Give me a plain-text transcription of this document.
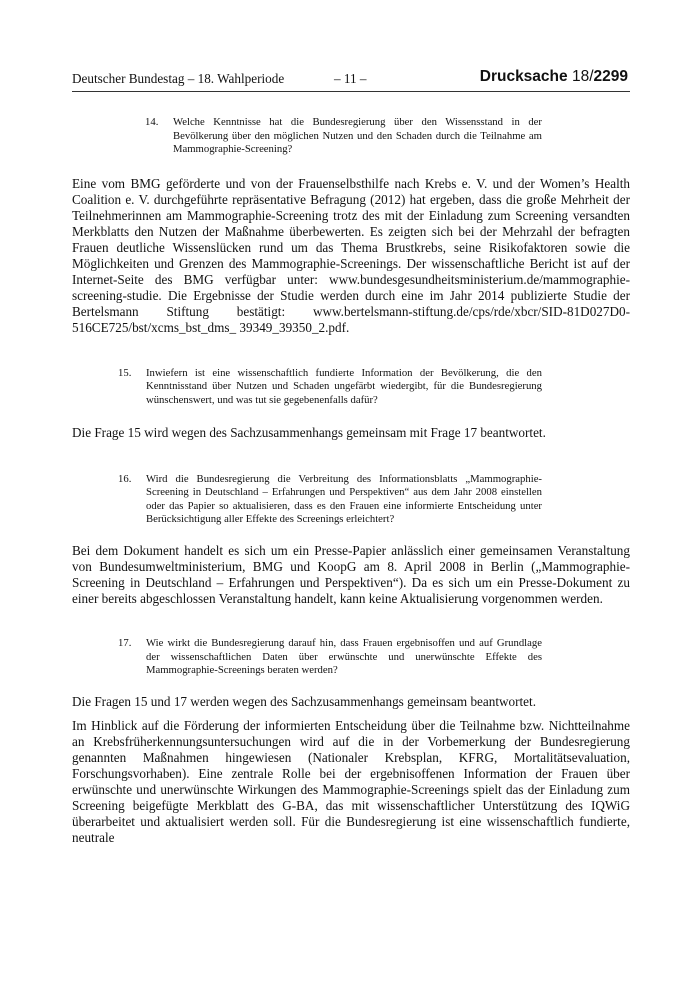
Deutscher Bundestag – 18. Wahlperiode	– 11 –	Drucksache 18/2299
14. Welche Kenntnisse hat die Bundesregierung über den Wissensstand in der Bevölkerung über den möglichen Nutzen und den Schaden durch die Teilnahme am Mammographie-Screening?

Eine vom BMG geförderte und von der Frauenselbsthilfe nach Krebs e. V. und der Women’s Health Coalition e. V. durchgeführte repräsentative Befragung (2012) hat ergeben, dass die große Mehrheit der Teilnehmerinnen am Mammographie-Screening trotz des mit der Einladung zum Screening versandten Merkblatts den Nutzen der Maßnahme überbewerten. Es zeigten sich bei der Mehrzahl der befragten Frauen deutliche Wissenslücken rund um das Thema Brustkrebs, seine Risikofaktoren sowie die Möglichkeiten und Grenzen des Mammographie-Screenings. Der wissenschaftliche Bericht ist auf der Internet-Seite des BMG verfügbar unter: www.bundesgesundheitsministerium.de/mammographie-screening-studie. Die Ergebnisse der Studie werden durch eine im Jahr 2014 publizierte Studie der Bertelsmann Stiftung bestätigt: www.bertelsmann-stiftung.de/cps/rde/xbcr/SID-81D027D0-516CE725/bst/xcms_bst_dms_ 39349_39350_2.pdf.

15. Inwiefern ist eine wissenschaftlich fundierte Information der Bevölkerung, die den Kenntnisstand über Nutzen und Schaden ungefärbt wiedergibt, für die Bundesregierung wünschenswert, und was tut sie gegebenenfalls dafür?

Die Frage 15 wird wegen des Sachzusammenhangs gemeinsam mit Frage 17 beantwortet.

16. Wird die Bundesregierung die Verbreitung des Informationsblatts „Mammographie-Screening in Deutschland – Erfahrungen und Perspektiven“ aus dem Jahr 2008 einstellen oder das Papier so aktualisieren, dass es den Frauen eine informierte Entscheidung unter Berücksichtigung aller Effekte des Screenings erleichtert?

Bei dem Dokument handelt es sich um ein Presse-Papier anlässlich einer gemeinsamen Veranstaltung von Bundesumweltministerium, BMG und KoopG am 8. April 2008 in Berlin („Mammographie-Screening in Deutschland – Erfahrungen und Perspektiven“). Da es sich um ein Presse-Dokument zu einer bereits abgeschlossen Veranstaltung handelt, kann keine Aktualisierung vorgenommen werden.

17. Wie wirkt die Bundesregierung darauf hin, dass Frauen ergebnisoffen und auf Grundlage der wissenschaftlichen Daten über erwünschte und unerwünschte Effekte des Mammographie-Screenings beraten werden?

Die Fragen 15 und 17 werden wegen des Sachzusammenhangs gemeinsam beantwortet.

Im Hinblick auf die Förderung der informierten Entscheidung über die Teilnahme bzw. Nichtteilnahme an Krebsfrüherkennungsuntersuchungen wird auf die in der Vorbemerkung der Bundesregierung genannten Maßnahmen hingewiesen (Nationaler Krebsplan, KFRG, Mortalitätsevaluation, Forschungsvorhaben). Eine zentrale Rolle bei der ergebnisoffenen Information der Frauen über erwünschte und unerwünschte Wirkungen des Mammographie-Screenings spielt das der Einladung zum Screening beigefügte Merkblatt des G-BA, das mit wissenschaftlicher Unterstützung des IQWiG überarbeitet und aktualisiert werden soll. Für die Bundesregierung ist eine wissenschaftlich fundierte, neutrale
